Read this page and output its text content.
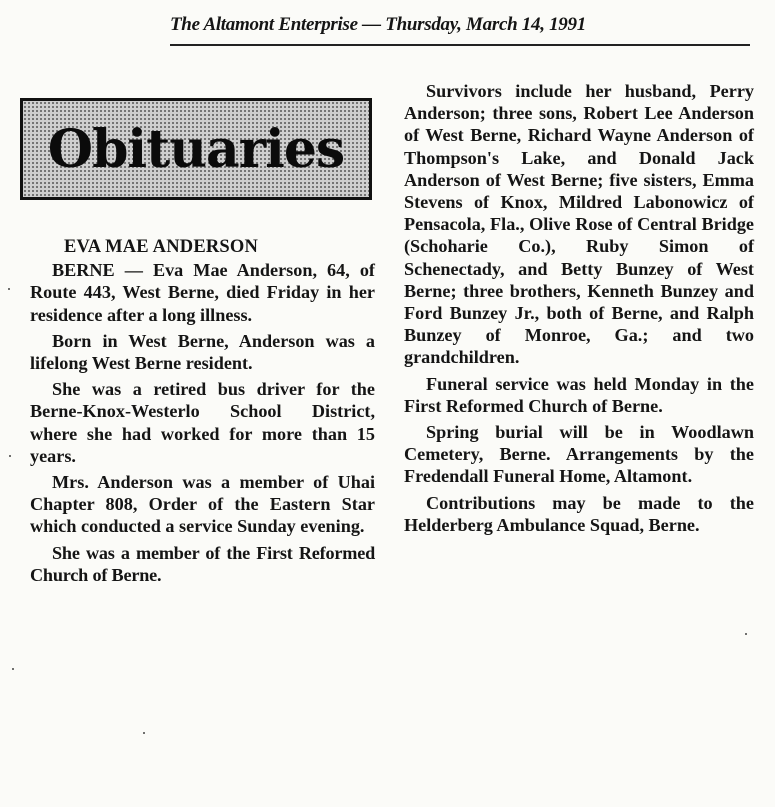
The Altamont Enterprise — Thursday, March 14, 1991
Obituaries

EVA MAE ANDERSON

BERNE — Eva Mae Anderson, 64, of Route 443, West Berne, died Friday in her residence after a long illness.

Born in West Berne, Anderson was a lifelong West Berne resident.

She was a retired bus driver for the Berne-Knox-Westerlo School District, where she had worked for more than 15 years.

Mrs. Anderson was a member of Uhai Chapter 808, Order of the Eastern Star which conducted a service Sunday evening.

She was a member of the First Reformed Church of Berne.

Survivors include her husband, Perry Anderson; three sons, Robert Lee Anderson of West Berne, Richard Wayne Anderson of Thompson's Lake, and Donald Jack Anderson of West Berne; five sisters, Emma Stevens of Knox, Mildred Labonowicz of Pensacola, Fla., Olive Rose of Central Bridge (Schoharie Co.), Ruby Simon of Schenectady, and Betty Bunzey of West Berne; three brothers, Kenneth Bunzey and Ford Bunzey Jr., both of Berne, and Ralph Bunzey of Monroe, Ga.; and two grandchildren.

Funeral service was held Monday in the First Reformed Church of Berne.

Spring burial will be in Woodlawn Cemetery, Berne. Arrangements by the Fredendall Funeral Home, Altamont.

Contributions may be made to the Helderberg Ambulance Squad, Berne.
